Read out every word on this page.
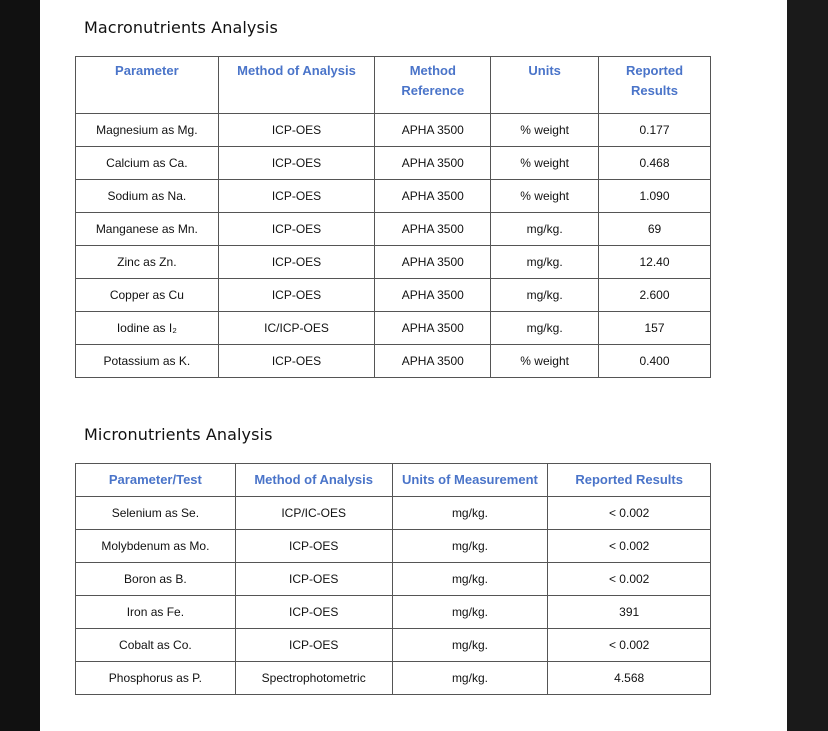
Macronutrients Analysis
Parameter	Method of Analysis	Method Reference	Units	Reported Results
Magnesium as Mg.	ICP-OES	APHA 3500	% weight	0.177
Calcium as Ca.	ICP-OES	APHA 3500	% weight	0.468
Sodium as Na.	ICP-OES	APHA 3500	% weight	1.090
Manganese as Mn.	ICP-OES	APHA 3500	mg/kg.	69
Zinc as Zn.	ICP-OES	APHA 3500	mg/kg.	12.40
Copper as Cu	ICP-OES	APHA 3500	mg/kg.	2.600
Iodine as I₂	IC/ICP-OES	APHA 3500	mg/kg.	157
Potassium as K.	ICP-OES	APHA 3500	% weight	0.400
Micronutrients Analysis
Parameter/Test	Method of Analysis	Units of Measurement	Reported Results
Selenium as Se.	ICP/IC-OES	mg/kg.	< 0.002
Molybdenum as Mo.	ICP-OES	mg/kg.	< 0.002
Boron as B.	ICP-OES	mg/kg.	< 0.002
Iron as Fe.	ICP-OES	mg/kg.	391
Cobalt as Co.	ICP-OES	mg/kg.	< 0.002
Phosphorus as P.	Spectrophotometric	mg/kg.	4.568
